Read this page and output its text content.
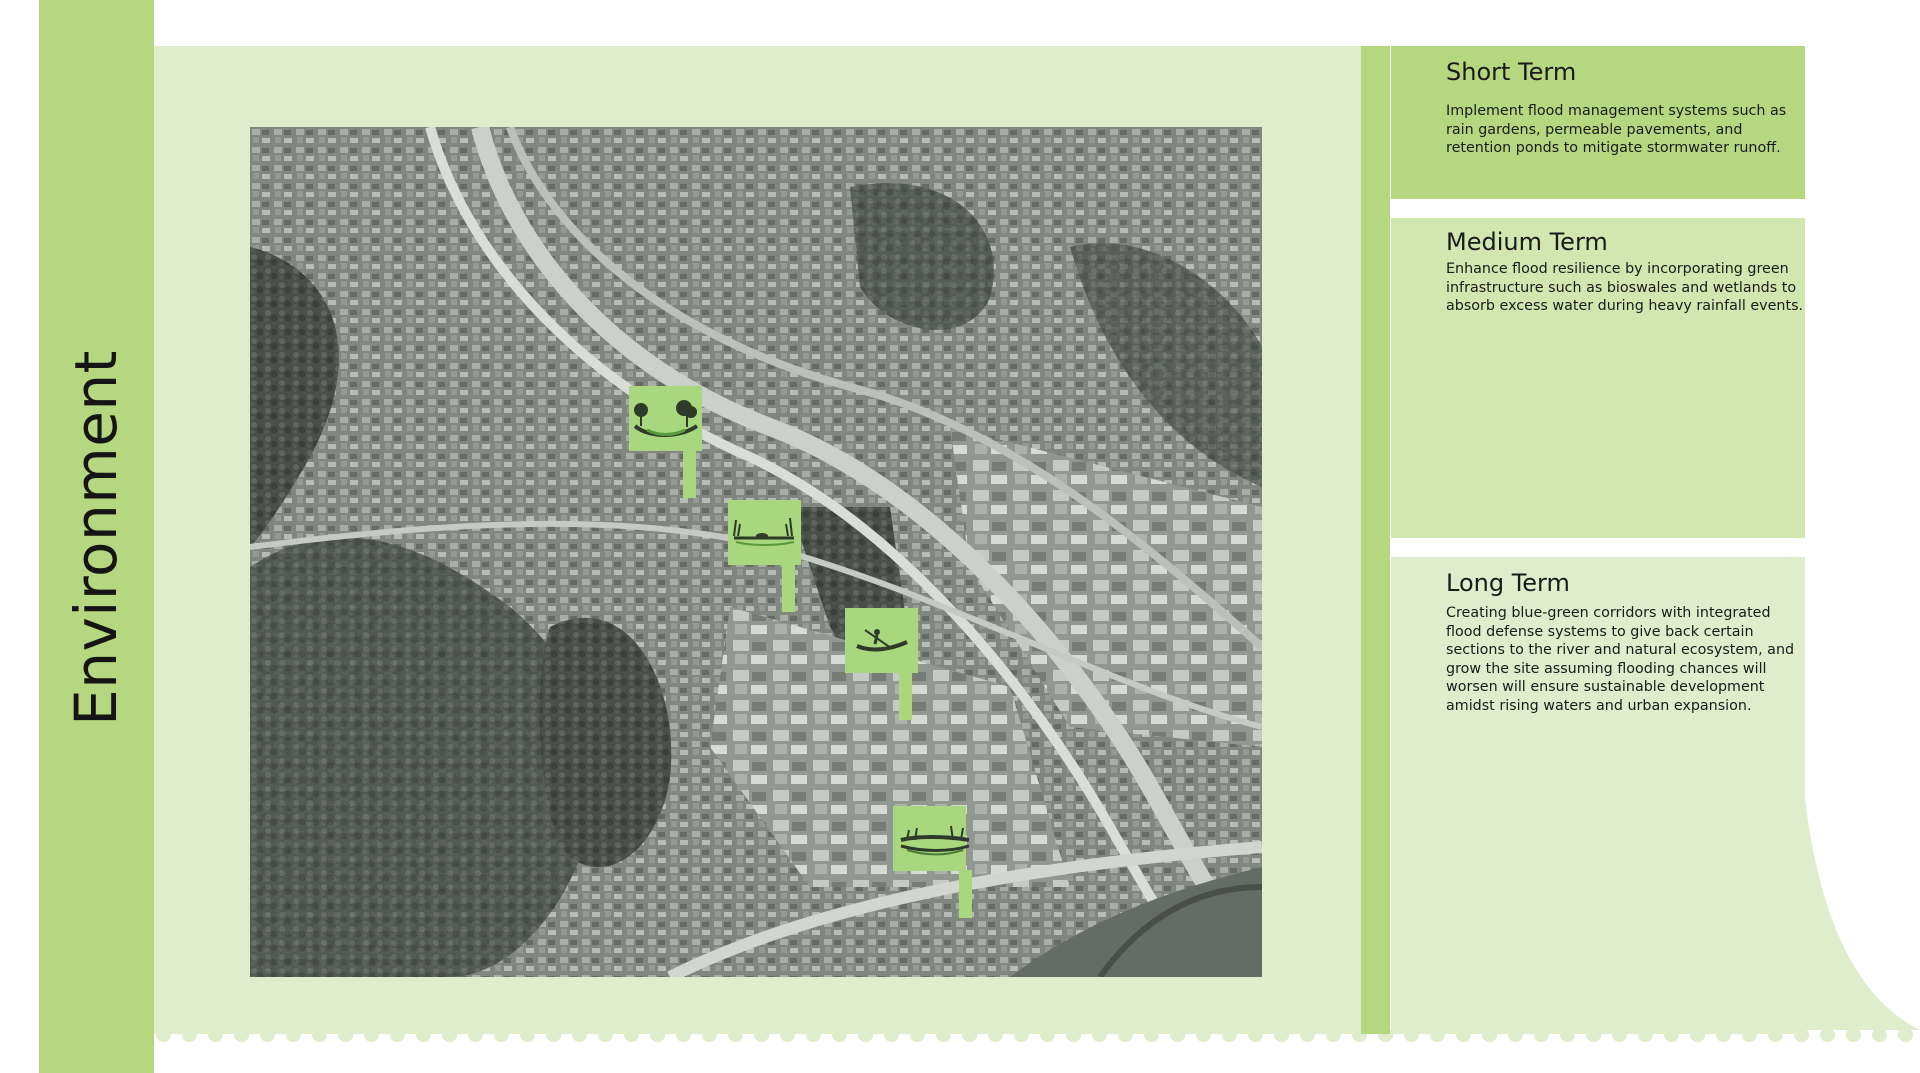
Environment
Short Term

Implement flood management systems such as rain gardens, permeable pavements, and retention ponds to mitigate stormwater runoff.

Medium Term

Enhance flood resilience by incorporating green infrastructure such as bioswales and wetlands to absorb excess water during heavy rainfall events.

Long Term

Creating blue-green corridors with integrated flood defense systems to give back certain sections to the river and natural ecosystem, and grow the site assuming flooding chances will worsen will ensure sustainable development amidst rising waters and urban expansion.
